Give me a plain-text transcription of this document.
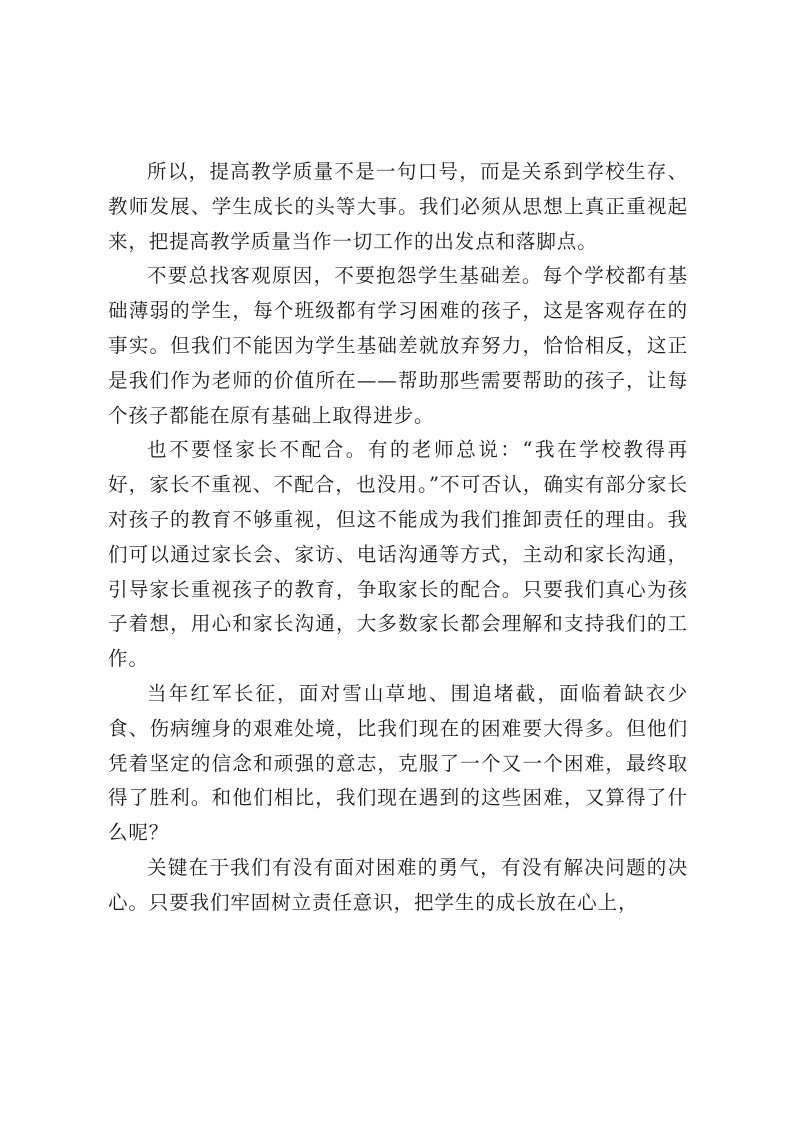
所以，提高教学质量不是一句口号，而是关系到学校生存、教师发展、学生成长的头等大事。我们必须从思想上真正重视起来，把提高教学质量当作一切工作的出发点和落脚点。

不要总找客观原因，不要抱怨学生基础差。每个学校都有基础薄弱的学生，每个班级都有学习困难的孩子，这是客观存在的事实。但我们不能因为学生基础差就放弃努力，恰恰相反，这正是我们作为老师的价值所在——帮助那些需要帮助的孩子，让每个孩子都能在原有基础上取得进步。

也不要怪家长不配合。有的老师总说：“我在学校教得再好，家长不重视、不配合，也没用。”不可否认，确实有部分家长对孩子的教育不够重视，但这不能成为我们推卸责任的理由。我们可以通过家长会、家访、电话沟通等方式，主动和家长沟通，引导家长重视孩子的教育，争取家长的配合。只要我们真心为孩子着想，用心和家长沟通，大多数家长都会理解和支持我们的工作。

当年红军长征，面对雪山草地、围追堵截，面临着缺衣少食、伤病缠身的艰难处境，比我们现在的困难要大得多。但他们凭着坚定的信念和顽强的意志，克服了一个又一个困难，最终取得了胜利。和他们相比，我们现在遇到的这些困难，又算得了什么呢？

关键在于我们有没有面对困难的勇气，有没有解决问题的决心。只要我们牢固树立责任意识，把学生的成长放在心上，
